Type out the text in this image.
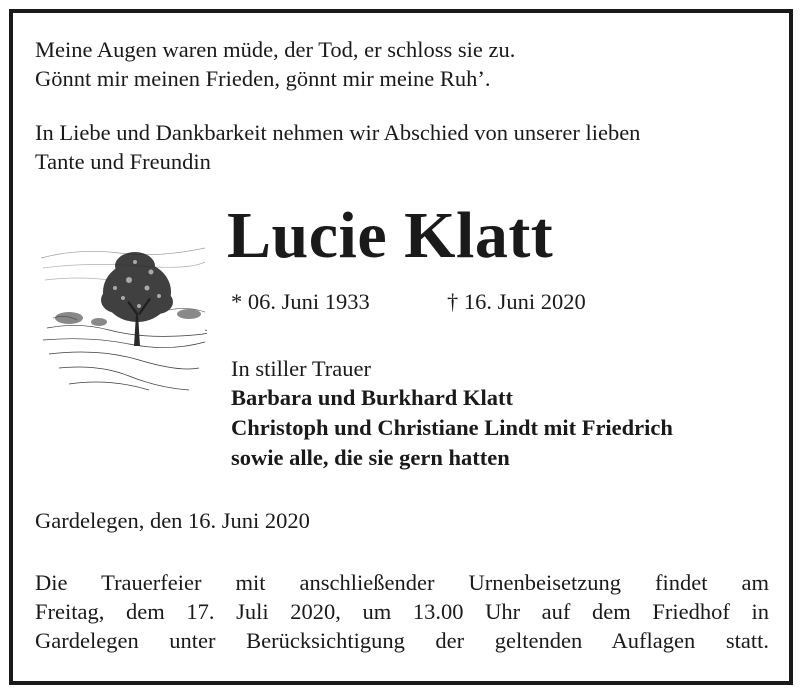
Meine Augen waren müde, der Tod, er schloss sie zu.
Gönnt mir meinen Frieden, gönnt mir meine Ruh’.

In Liebe und Dankbarkeit nehmen wir Abschied von unserer lieben
Tante und Freundin

Lucie Klatt

* 06. Juni 1933	† 16. Juni 2020

In stiller Trauer

Barbara und Burkhard Klatt

Christoph und Christiane Lindt mit Friedrich

sowie alle, die sie gern hatten

Gardelegen, den 16. Juni 2020

Die Trauerfeier mit anschließender Urnenbeisetzung findet am
Freitag, dem 17. Juli 2020, um 13.00 Uhr auf dem Friedhof in
Gardelegen unter Berücksichtigung der geltenden Auflagen statt.
